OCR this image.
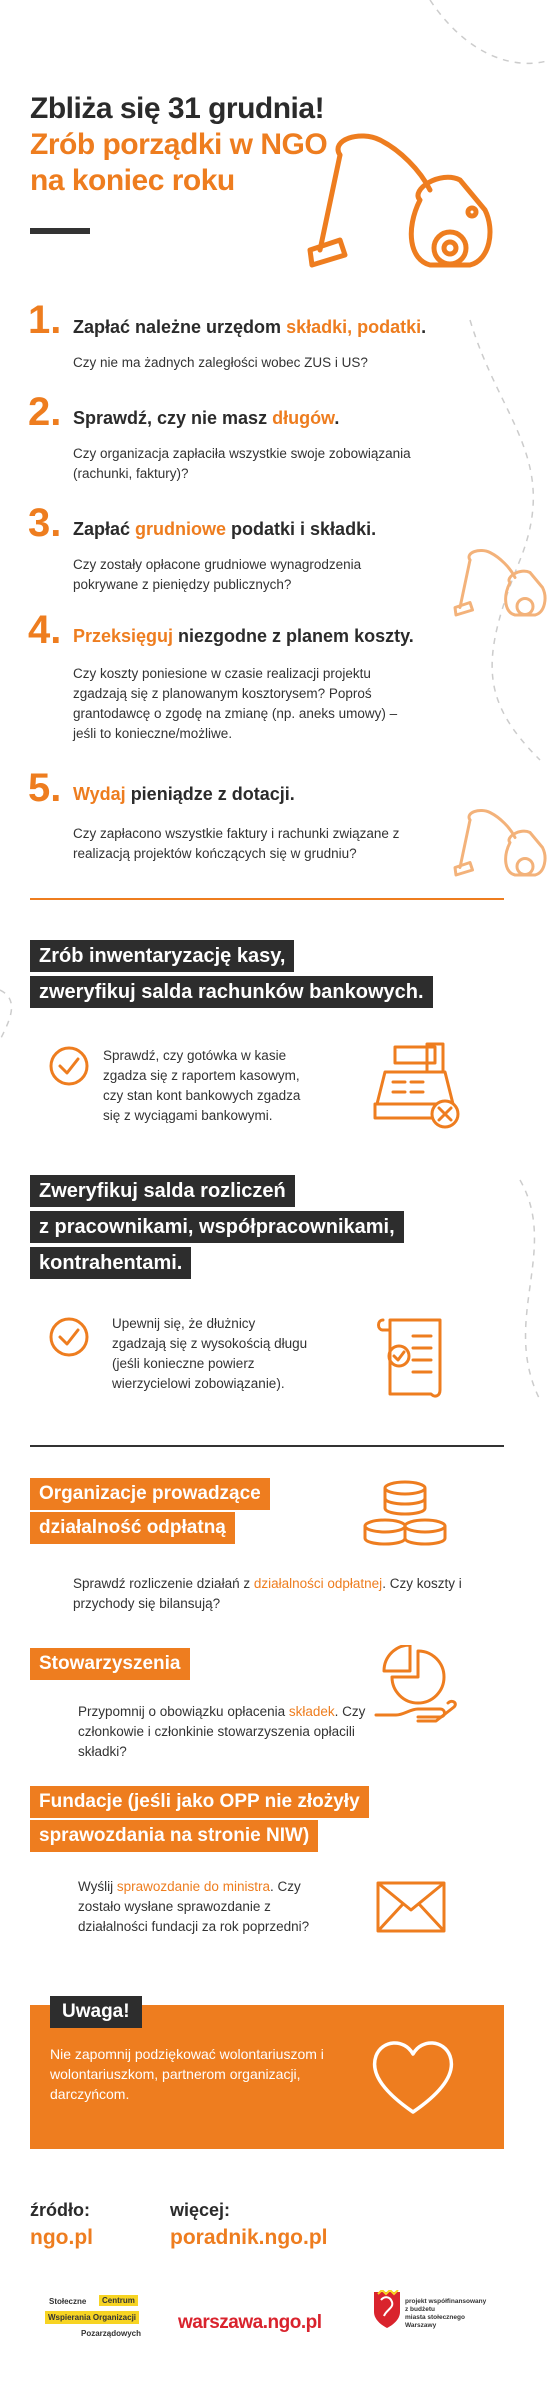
Zbliża się 31 grudnia!
Zrób porządki w NGO
na koniec roku
1. Zapłać należne urzędom składki, podatki.
Czy nie ma żadnych zaległości wobec ZUS i US?
2. Sprawdź, czy nie masz długów.
Czy organizacja zapłaciła wszystkie swoje zobowiązania (rachunki, faktury)?
3. Zapłać grudniowe podatki i składki.
Czy zostały opłacone grudniowe wynagrodzenia pokrywane z pieniędzy publicznych?
4. Przeksięguj niezgodne z planem koszty.
Czy koszty poniesione w czasie realizacji projektu zgadzają się z planowanym kosztorysem? Poproś grantodawcę o zgodę na zmianę (np. aneks umowy) – jeśli to konieczne/możliwe.
5. Wydaj pieniądze z dotacji.
Czy zapłacono wszystkie faktury i rachunki związane z realizacją projektów kończących się w grudniu?
Zrób inwentaryzację kasy,
zweryfikuj salda rachunków bankowych.
Sprawdź, czy gotówka w kasie zgadza się z raportem kasowym, czy stan kont bankowych zgadza się z wyciągami bankowymi.
Zweryfikuj salda rozliczeń
z pracownikami, współpracownikami,
kontrahentami.
Upewnij się, że dłużnicy zgadzają się z wysokością długu (jeśli konieczne powierz wierzycielowi zobowiązanie).
Organizacje prowadzące
działalność odpłatną
Sprawdź rozliczenie działań z działalności odpłatnej. Czy koszty i przychody się bilansują?
Stowarzyszenia
Przypomnij o obowiązku opłacenia składek. Czy członkowie i członkinie stowarzyszenia opłacili składki?
Fundacje (jeśli jako OPP nie złożyły
sprawozdania na stronie NIW)
Wyślij sprawozdanie do ministra. Czy zostało wysłane sprawozdanie z działalności fundacji za rok poprzedni?
Uwaga!
Nie zapomnij podziękować wolontariuszom i wolontariuszkom, partnerom organizacji, darczyńcom.
źródło:
ngo.pl
więcej:
poradnik.ngo.pl
Stołeczne	Centrum
Wspierania Organizacji
Pozarządowych
warszawa.ngo.pl
projekt współfinansowany
z budżetu
miasta stołecznego
Warszawy
